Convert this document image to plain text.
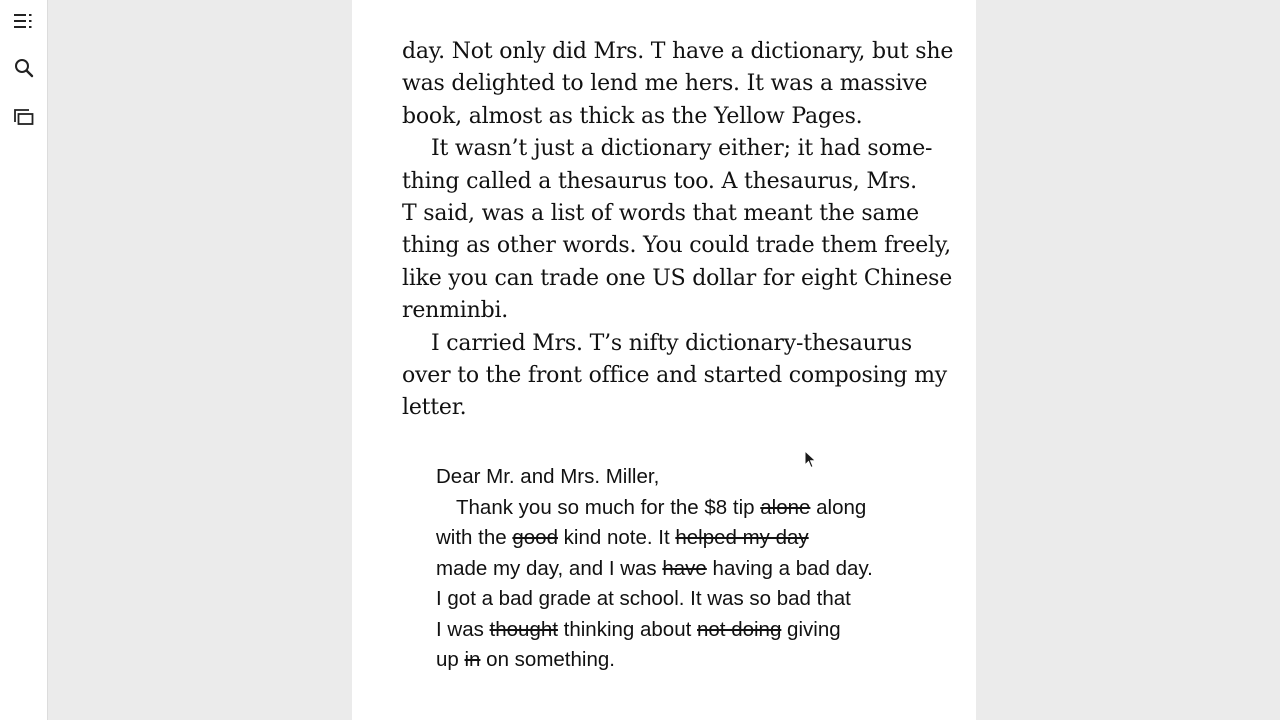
day. Not only did Mrs. T have a dictionary, but she
was delighted to lend me hers. It was a massive
book, almost as thick as the Yellow Pages.
It wasn’t just a dictionary either; it had some-
thing called a thesaurus too. A thesaurus, Mrs.
T said, was a list of words that meant the same
thing as other words. You could trade them freely,
like you can trade one US dollar for eight Chinese
renminbi.
I carried Mrs. T’s nifty dictionary-thesaurus
over to the front office and started composing my
letter.
Dear Mr. and Mrs. Miller,
Thank you so much for the $8 tip alone along
with the good kind note. It helped my day
made my day, and I was have having a bad day.
I got a bad grade at school. It was so bad that
I was thought thinking about not doing giving
up in on something.
